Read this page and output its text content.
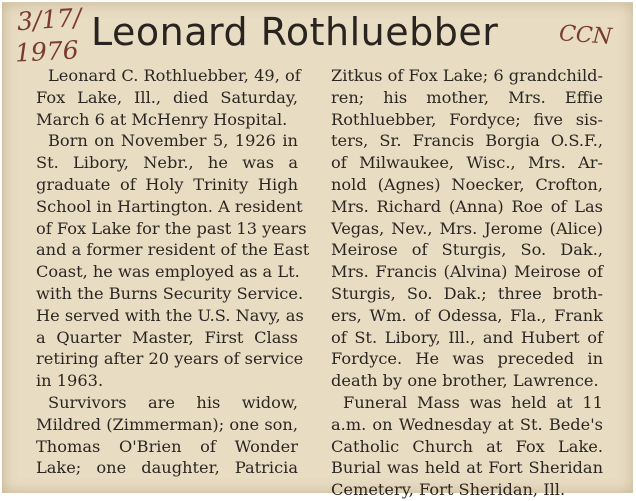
3/17/
1976 Leonard Rothluebber	CCN
Leonard C. Rothluebber, 49, of
Fox Lake, Ill., died Saturday,
March 6 at McHenry Hospital.
Born on November 5, 1926 in
St. Libory, Nebr., he was a
graduate of Holy Trinity High
School in Hartington. A resident
of Fox Lake for the past 13 years
and a former resident of the East
Coast, he was employed as a Lt.
with the Burns Security Service.
He served with the U.S. Navy, as
a Quarter Master, First Class
retiring after 20 years of service
in 1963.
Survivors are his widow,
Mildred (Zimmerman); one son,
Thomas O'Brien of Wonder
Lake; one daughter, Patricia
Zitkus of Fox Lake; 6 grandchild-
ren; his mother, Mrs. Effie
Rothluebber, Fordyce; five sis-
ters, Sr. Francis Borgia O.S.F.,
of Milwaukee, Wisc., Mrs. Ar-
nold (Agnes) Noecker, Crofton,
Mrs. Richard (Anna) Roe of Las
Vegas, Nev., Mrs. Jerome (Alice)
Meirose of Sturgis, So. Dak.,
Mrs. Francis (Alvina) Meirose of
Sturgis, So. Dak.; three broth-
ers, Wm. of Odessa, Fla., Frank
of St. Libory, Ill., and Hubert of
Fordyce. He was preceded in
death by one brother, Lawrence.
Funeral Mass was held at 11
a.m. on Wednesday at St. Bede's
Catholic Church at Fox Lake.
Burial was held at Fort Sheridan
Cemetery, Fort Sheridan, Ill.
